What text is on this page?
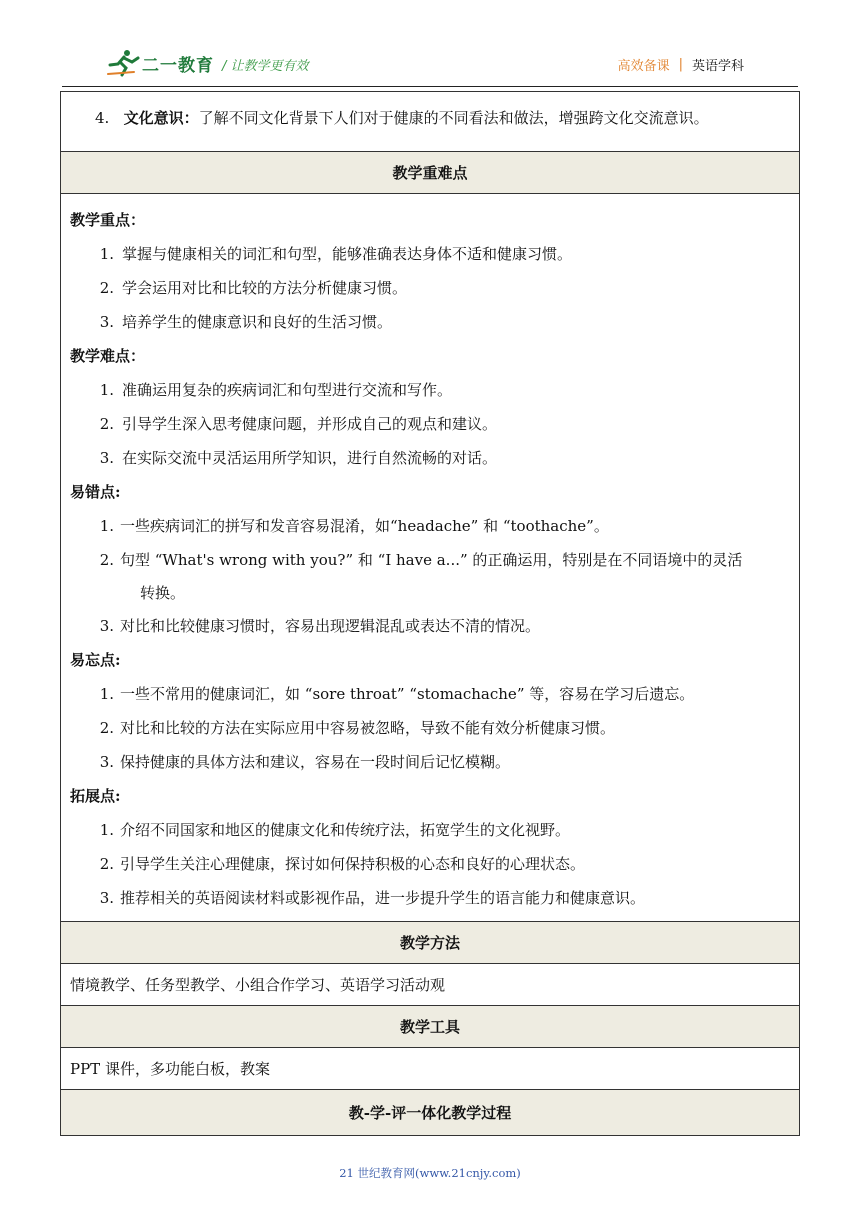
二一教育 / 让教学更有效	高效备课 | 英语学科
4. 文化意识：了解不同文化背景下人们对于健康的不同看法和做法，增强跨文化交流意识。
教学重难点
教学重点：
1. 掌握与健康相关的词汇和句型，能够准确表达身体不适和健康习惯。
2. 学会运用对比和比较的方法分析健康习惯。
3. 培养学生的健康意识和良好的生活习惯。
教学难点：
1. 准确运用复杂的疾病词汇和句型进行交流和写作。
2. 引导学生深入思考健康问题，并形成自己的观点和建议。
3. 在实际交流中灵活运用所学知识，进行自然流畅的对话。
易错点:
1. 一些疾病词汇的拼写和发音容易混淆，如“headache” 和 “toothache”。
2. 句型 “What's wrong with you?” 和 “I have a...” 的正确运用，特别是在不同语境中的灵活
转换。
3. 对比和比较健康习惯时，容易出现逻辑混乱或表达不清的情况。
易忘点:
1. 一些不常用的健康词汇，如 “sore throat” “stomachache” 等，容易在学习后遗忘。
2. 对比和比较的方法在实际应用中容易被忽略，导致不能有效分析健康习惯。
3. 保持健康的具体方法和建议，容易在一段时间后记忆模糊。
拓展点:
1. 介绍不同国家和地区的健康文化和传统疗法，拓宽学生的文化视野。
2. 引导学生关注心理健康，探讨如何保持积极的心态和良好的心理状态。
3. 推荐相关的英语阅读材料或影视作品，进一步提升学生的语言能力和健康意识。
教学方法
情境教学、任务型教学、小组合作学习、英语学习活动观
教学工具
PPT 课件，多功能白板，教案
教-学-评一体化教学过程
21 世纪教育网(www.21cnjy.com)
